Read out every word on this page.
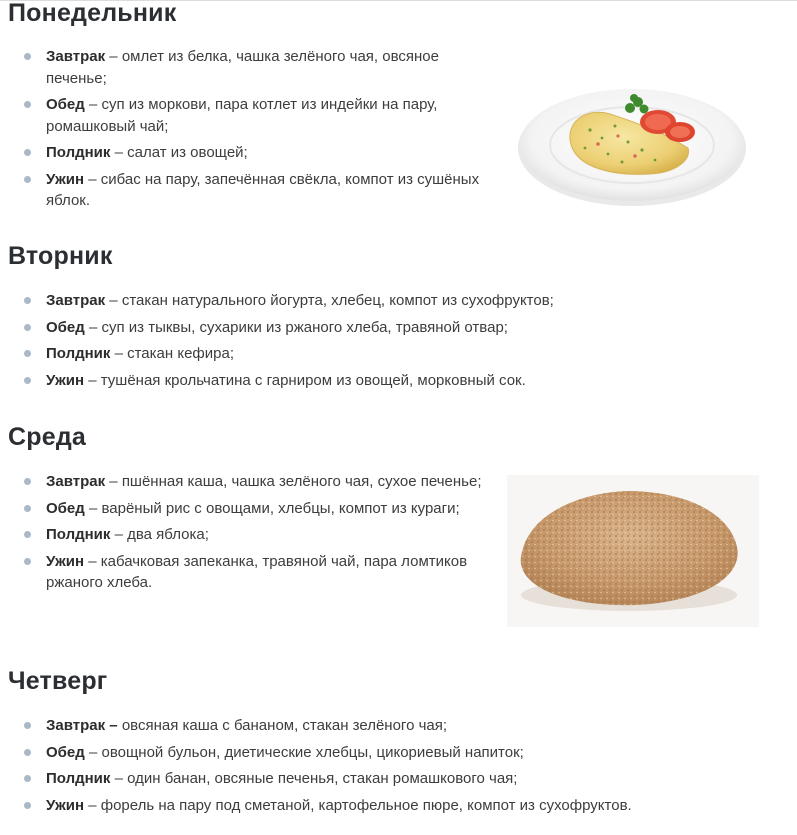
Понедельник
Завтрак – омлет из белка, чашка зелёного чая, овсяное печенье;
Обед – суп из моркови, пара котлет из индейки на пару, ромашковый чай;
Полдник – салат из овощей;
Ужин – сибас на пару, запечённая свёкла, компот из сушёных яблок.
Вторник
Завтрак – стакан натурального йогурта, хлебец, компот из сухофруктов;
Обед – суп из тыквы, сухарики из ржаного хлеба, травяной отвар;
Полдник – стакан кефира;
Ужин – тушёная крольчатина с гарниром из овощей, морковный сок.
Среда
Завтрак – пшённая каша, чашка зелёного чая, сухое печенье;
Обед – варёный рис с овощами, хлебцы, компот из кураги;
Полдник – два яблока;
Ужин – кабачковая запеканка, травяной чай, пара ломтиков ржаного хлеба.
Четверг
Завтрак – овсяная каша с бананом, стакан зелёного чая;
Обед – овощной бульон, диетические хлебцы, цикориевый напиток;
Полдник – один банан, овсяные печенья, стакан ромашкового чая;
Ужин – форель на пару под сметаной, картофельное пюре, компот из сухофруктов.
